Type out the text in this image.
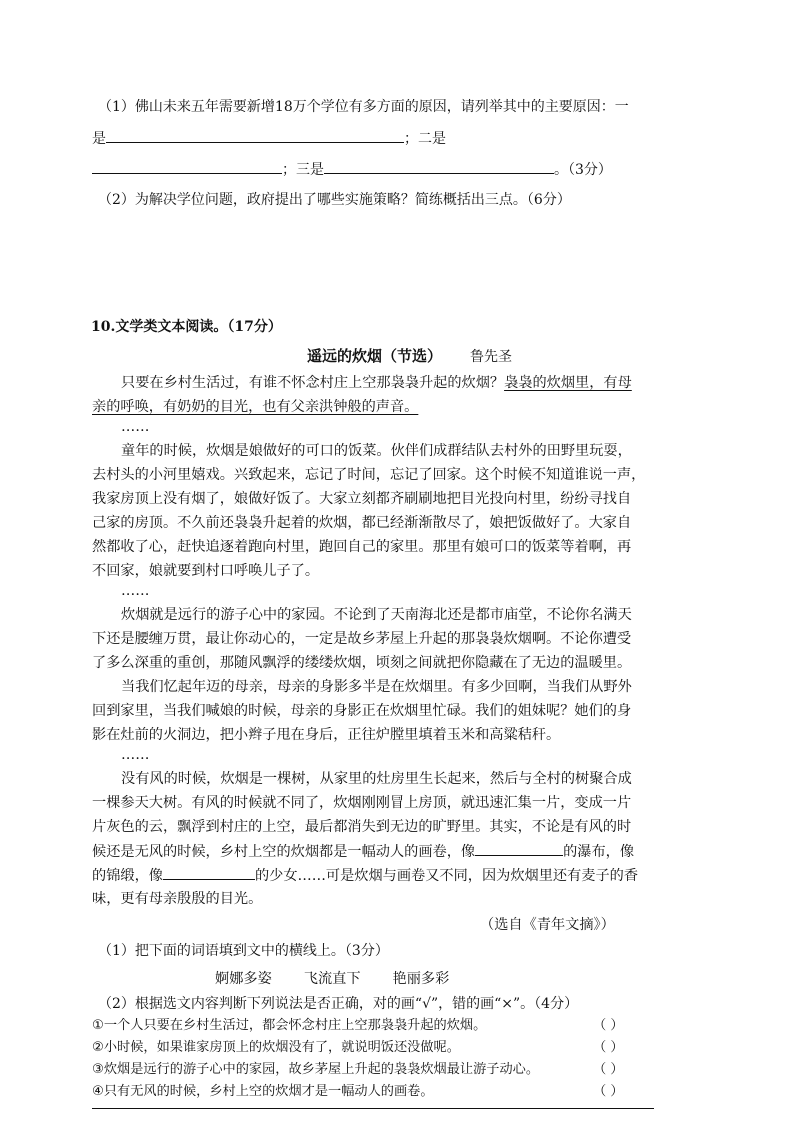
（1）佛山未来五年需要新增18万个学位有多方面的原因，请列举其中的主要原因：一
是	；二是
；三是	。（3分）
（2）为解决学位问题，政府提出了哪些实施策略？简练概括出三点。（6分）
10.文学类文本阅读。（17分）
遥远的炊烟（节选） 鲁先圣
只要在乡村生活过，有谁不怀念村庄上空那袅袅升起的炊烟？袅袅的炊烟里，有母
亲的呼唤，有奶奶的目光，也有父亲洪钟般的声音。
……
童年的时候，炊烟是娘做好的可口的饭菜。伙伴们成群结队去村外的田野里玩耍，
去村头的小河里嬉戏。兴致起来，忘记了时间，忘记了回家。这个时候不知道谁说一声，
我家房顶上没有烟了，娘做好饭了。大家立刻都齐刷刷地把目光投向村里，纷纷寻找自
己家的房顶。不久前还袅袅升起着的炊烟，都已经渐渐散尽了，娘把饭做好了。大家自
然都收了心，赶快追逐着跑向村里，跑回自己的家里。那里有娘可口的饭菜等着啊，再
不回家，娘就要到村口呼唤儿子了。
……
炊烟就是远行的游子心中的家园。不论到了天南海北还是都市庙堂，不论你名满天
下还是腰缠万贯，最让你动心的，一定是故乡茅屋上升起的那袅袅炊烟啊。不论你遭受
了多么深重的重创，那随风飘浮的缕缕炊烟，顷刻之间就把你隐藏在了无边的温暖里。
当我们忆起年迈的母亲，母亲的身影多半是在炊烟里。有多少回啊，当我们从野外
回到家里，当我们喊娘的时候，母亲的身影正在炊烟里忙碌。我们的姐妹呢？她们的身
影在灶前的火洞边，把小辫子甩在身后，正往炉膛里填着玉米和高粱秸秆。
……
没有风的时候，炊烟是一棵树，从家里的灶房里生长起来，然后与全村的树聚合成
一棵参天大树。有风的时候就不同了，炊烟刚刚冒上房顶，就迅速汇集一片，变成一片
片灰色的云，飘浮到村庄的上空，最后都消失到无边的旷野里。其实，不论是有风的时
候还是无风的时候，乡村上空的炊烟都是一幅动人的画卷，像	的瀑布，像
的锦缎，像	的少女……可是炊烟与画卷又不同，因为炊烟里还有麦子的香
味，更有母亲殷殷的目光。
（选自《青年文摘》）
（1）把下面的词语填到文中的横线上。（3分）
婀娜多姿 飞流直下 艳丽多彩
（2）根据选文内容判断下列说法是否正确，对的画“√”，错的画“×”。（4分）
①一个人只要在乡村生活过，都会怀念村庄上空那袅袅升起的炊烟。	（ ）
②小时候，如果谁家房顶上的炊烟没有了，就说明饭还没做呢。	（ ）
③炊烟是远行的游子心中的家园，故乡茅屋上升起的袅袅炊烟最让游子动心。	（ ）
④只有无风的时候，乡村上空的炊烟才是一幅动人的画卷。	（ ）
